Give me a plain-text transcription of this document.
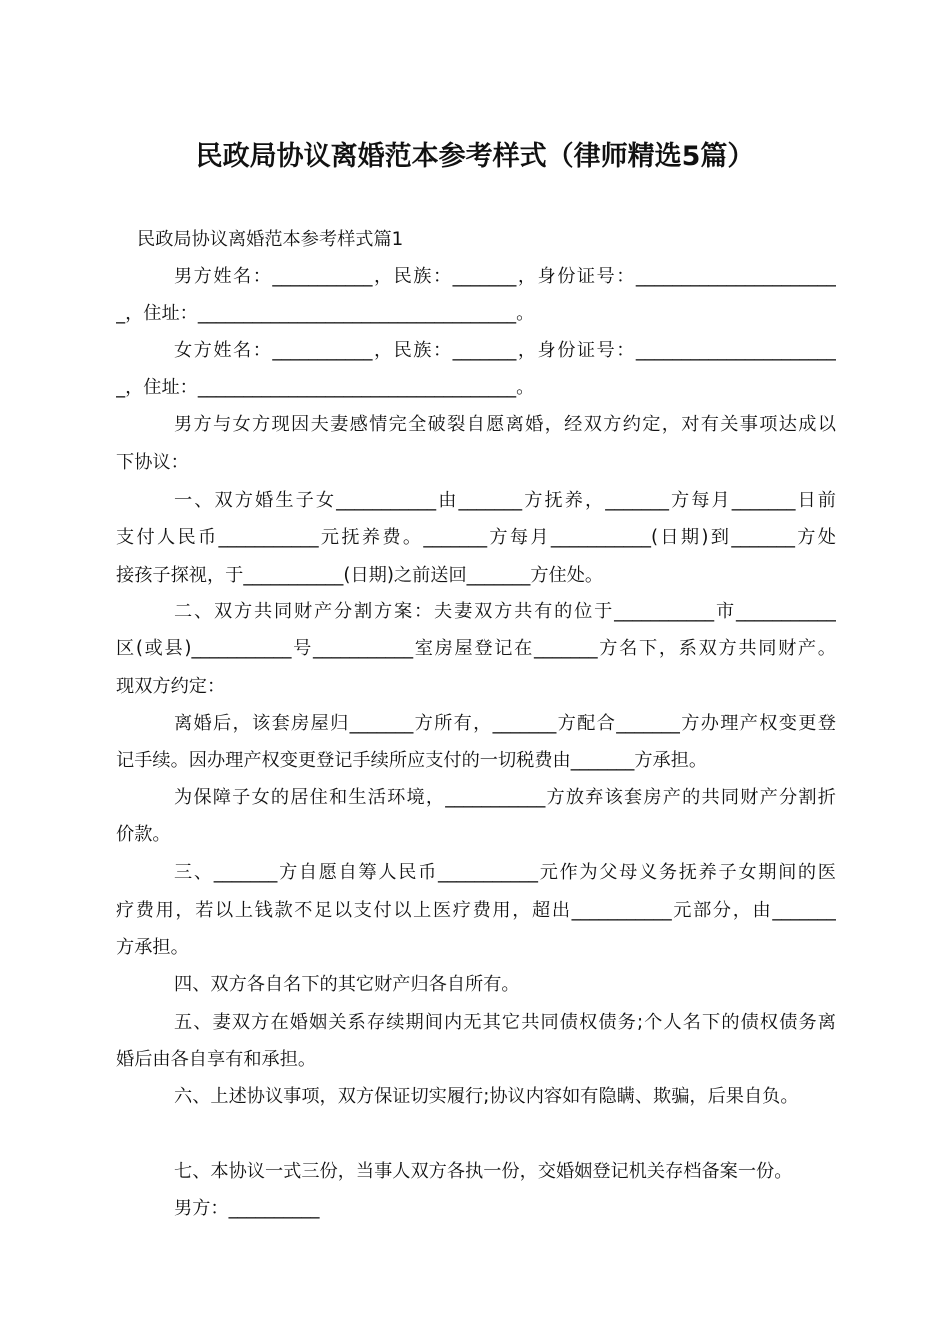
民政局协议离婚范本参考样式（律师精选5篇）
民政局协议离婚范本参考样式篇1
男方姓名：___________，民族：_______，身份证号：______________________
_，住址：___________________________________。
女方姓名：___________，民族：_______，身份证号：______________________
_，住址：___________________________________。
男方与女方现因夫妻感情完全破裂自愿离婚，经双方约定，对有关事项达成以
下协议：
一、双方婚生子女___________由_______方抚养，_______方每月_______日前
支付人民币___________元抚养费。_______方每月___________(日期)到_______方处
接孩子探视，于___________(日期)之前送回_______方住处。
二、双方共同财产分割方案：夫妻双方共有的位于___________市___________
区(或县)___________号___________室房屋登记在_______方名下，系双方共同财产。
现双方约定：
离婚后，该套房屋归_______方所有，_______方配合_______方办理产权变更登
记手续。因办理产权变更登记手续所应支付的一切税费由_______方承担。
为保障子女的居住和生活环境，___________方放弃该套房产的共同财产分割折
价款。
三、_______方自愿自筹人民币___________元作为父母义务抚养子女期间的医
疗费用，若以上钱款不足以支付以上医疗费用，超出___________元部分，由_______
方承担。
四、双方各自名下的其它财产归各自所有。
五、妻双方在婚姻关系存续期间内无其它共同债权债务;个人名下的债权债务离
婚后由各自享有和承担。
六、上述协议事项，双方保证切实履行;协议内容如有隐瞒、欺骗，后果自负。
七、本协议一式三份，当事人双方各执一份，交婚姻登记机关存档备案一份。
男方：__________
